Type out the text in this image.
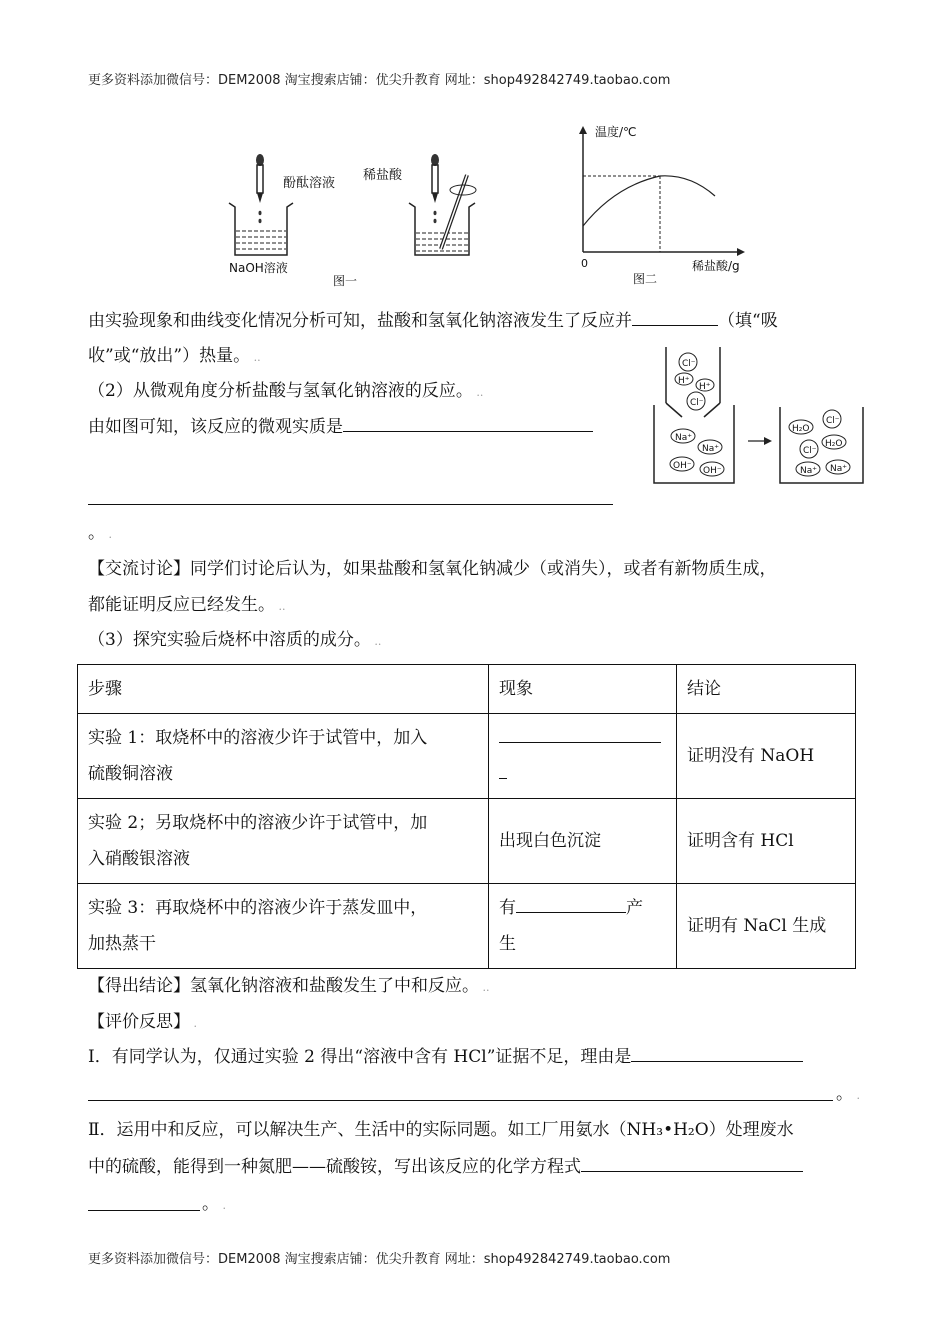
更多资料添加微信号：DEM2008 淘宝搜索店铺：优尖升教育 网址：shop492842749.taobao.com
酚酞溶液
NaOH溶液
稀盐酸
图一
温度/℃
0	稀盐酸/g
图二
由实验现象和曲线变化情况分析可知，盐酸和氢氧化钠溶液发生了反应并	（填“吸
收”或“放出”）热量。 ..
（2）从微观角度分析盐酸与氢氧化钠溶液的反应。 ..
由如图可知，该反应的微观实质是
。 .
Cl⁻
H⁺
H⁺
Cl⁻
Na⁺
Na⁺
OH⁻ OH⁻
Cl⁻
H₂O
H₂O
Cl⁻
Na⁺ Na⁺
【交流讨论】同学们讨论后认为，如果盐酸和氢氧化钠减少（或消失），或者有新物质生成，
都能证明反应已经发生。 ..
（3）探究实验后烧杯中溶质的成分。 ..
步骤	现象	结论
实验 1：取烧杯中的溶液少许于试管中，加入
硫酸铜溶液		证明没有 NaOH
实验 2；另取烧杯中的溶液少许于试管中，加
入硝酸银溶液	出现白色沉淀	证明含有 HCl
实验 3：再取烧杯中的溶液少许于蒸发皿中，
加热蒸干	有 产
生	证明有 NaCl 生成
【得出结论】氢氧化钠溶液和盐酸发生了中和反应。 ..
【评价反思】 .
Ⅰ．有同学认为，仅通过实验 2 得出“溶液中含有 HCl”证据不足，理由是
。 .
Ⅱ．运用中和反应，可以解决生产、生活中的实际同题。如工厂用氨水（NH₃•H₂O）处理废水
中的硫酸，能得到一种氮肥——硫酸铵，写出该反应的化学方程式
。 .
更多资料添加微信号：DEM2008 淘宝搜索店铺：优尖升教育 网址：shop492842749.taobao.com
